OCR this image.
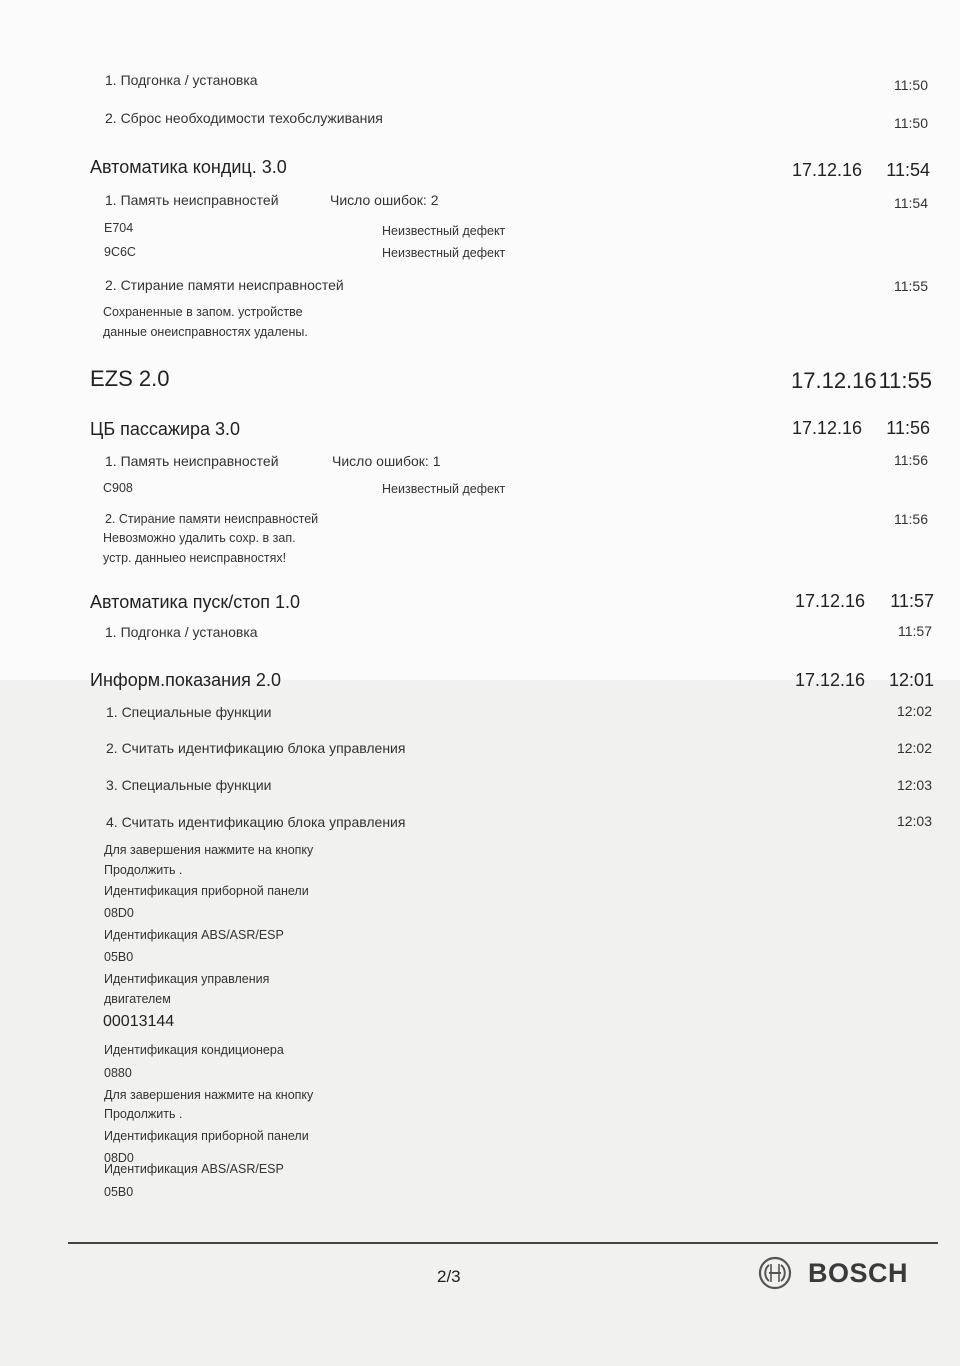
1. Подгонка / установка	11:50
2. Сброс необходимости техобслуживания	11:50
Автоматика кондиц. 3.0	17.12.16 11:54
1. Память неисправностей	Число ошибок: 2	11:54
E704	Неизвестный дефект
9C6C	Неизвестный дефект
2. Стирание памяти неисправностей	11:55
Сохраненные в запом. устройстве
данные онеисправностях удалены.
EZS 2.0	17.12.16 11:55
ЦБ пассажира 3.0	17.12.16 11:56
1. Память неисправностей	Число ошибок: 1	11:56
C908	Неизвестный дефект
2. Стирание памяти неисправностей	11:56
Невозможно удалить сохр. в зап.
устр. данныео неисправностях!
Автоматика пуск/стоп 1.0	17.12.16 11:57
1. Подгонка / установка	11:57
Информ.показания 2.0	17.12.16 12:01
1. Специальные функции	12:02
2. Считать идентификацию блока управления	12:02
3. Специальные функции	12:03
4. Считать идентификацию блока управления	12:03
Для завершения нажмите на кнопку
Продолжить .
Идентификация приборной панели
08D0
Идентификация ABS/ASR/ESP
05B0
Идентификация управления
двигателем
00013144
Идентификация кондиционера
0880
Для завершения нажмите на кнопку
Продолжить .
Идентификация приборной панели
08D0
Идентификация ABS/ASR/ESP
05B0
2/3	BOSCH
